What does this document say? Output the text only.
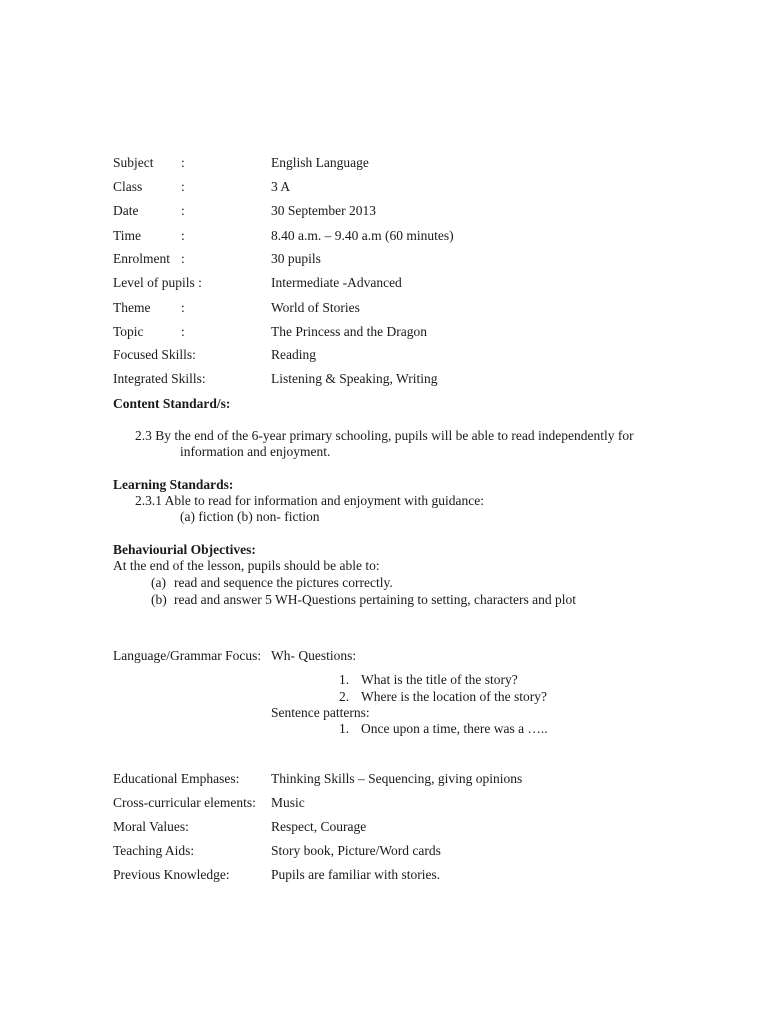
Subject :	English Language
Class	:	3 A
Date	:	30 September 2013
Time	:	8.40 a.m. – 9.40 a.m (60 minutes)
Enrolment :	30 pupils
Level of pupils :	Intermediate -Advanced
Theme :	World of Stories
Topic	:	The Princess and the Dragon
Focused Skills:	Reading
Integrated Skills:	Listening & Speaking, Writing
Content Standard/s:
2.3 By the end of the 6-year primary schooling, pupils will be able to read independently for
information and enjoyment.
Learning Standards:
2.3.1 Able to read for information and enjoyment with guidance:
(a) fiction (b) non- fiction
Behaviourial Objectives:
At the end of the lesson, pupils should be able to:
(a) read and sequence the pictures correctly.
(b) read and answer 5 WH-Questions pertaining to setting, characters and plot
Language/Grammar Focus: Wh- Questions:
1. What is the title of the story?
2. Where is the location of the story?
Sentence patterns:
1. Once upon a time, there was a …..
Educational Emphases: Thinking Skills – Sequencing, giving opinions
Cross-curricular elements: Music
Moral Values:	Respect, Courage
Teaching Aids:	Story book, Picture/Word cards
Previous Knowledge:	Pupils are familiar with stories.
